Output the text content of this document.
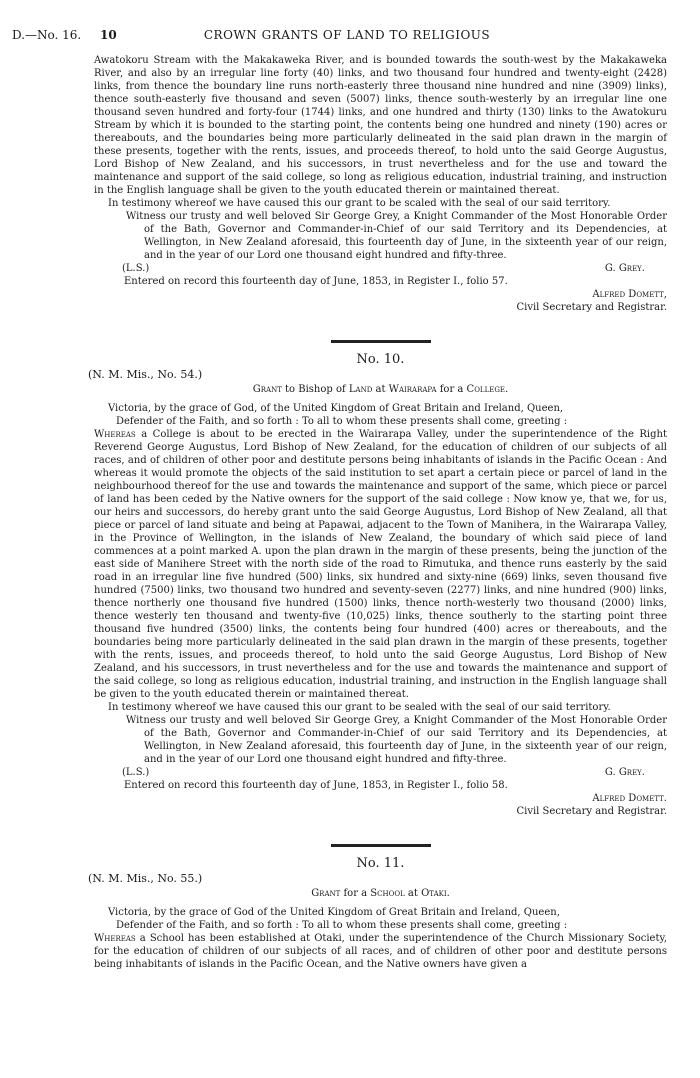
D.—No. 16. 10	CROWN GRANTS OF LAND TO RELIGIOUS

Awatokoru Stream with the Makakaweka River, and is bounded towards the south-west by the Makakaweka River, and also by an irregular line forty (40) links, and two thousand four hundred and twenty-eight (2428) links, from thence the boundary line runs north-easterly three thousand nine hundred and nine (3909) links), thence south-easterly five thousand and seven (5007) links, thence south-westerly by an irregular line one thousand seven hundred and forty-four (1744) links, and one hundred and thirty (130) links to the Awatokuru Stream by which it is bounded to the starting point, the contents being one hundred and ninety (190) acres or thereabouts, and the boundaries being more particularly delineated in the said plan drawn in the margin of these presents, together with the rents, issues, and proceeds thereof, to hold unto the said George Augustus, Lord Bishop of New Zealand, and his successors, in trust nevertheless and for the use and toward the maintenance and support of the said college, so long as religious education, industrial training, and instruction in the English language shall be given to the youth educated therein or maintained thereat.

In testimony whereof we have caused this our grant to be scaled with the seal of our said territory.

Witness our trusty and well beloved Sir George Grey, a Knight Commander of the Most Honorable Order of the Bath, Governor and Commander-in-Chief of our said Territory and its Dependencies, at Wellington, in New Zealand aforesaid, this fourteenth day of June, in the sixteenth year of our reign, and in the year of our Lord one thousand eight hundred and fifty-three.

(L.S.)	G. Grey.

Entered on record this fourteenth day of June, 1853, in Register I., folio 57.

Alfred Domett,

Civil Secretary and Registrar.

No. 10.

(N. M. Mis., No. 54.)

Grant to Bishop of Land at Wairarapa for a College.

Victoria, by the grace of God, of the United Kingdom of Great Britain and Ireland, Queen,

Defender of the Faith, and so forth : To all to whom these presents shall come, greeting :

Whereas a College is about to be erected in the Wairarapa Valley, under the superintendence of the Right Reverend George Augustus, Lord Bishop of New Zealand, for the education of children of our subjects of all races, and of children of other poor and destitute persons being inhabitants of islands in the Pacific Ocean : And whereas it would promote the objects of the said institution to set apart a certain piece or parcel of land in the neighbourhood thereof for the use and towards the maintenance and support of the same, which piece or parcel of land has been ceded by the Native owners for the support of the said college : Now know ye, that we, for us, our heirs and successors, do hereby grant unto the said George Augustus, Lord Bishop of New Zealand, all that piece or parcel of land situate and being at Papawai, adjacent to the Town of Manihera, in the Wairarapa Valley, in the Province of Wellington, in the islands of New Zealand, the boundary of which said piece of land commences at a point marked A. upon the plan drawn in the margin of these presents, being the junction of the east side of Manihere Street with the north side of the road to Rimutuka, and thence runs easterly by the said road in an irregular line five hundred (500) links, six hundred and sixty-nine (669) links, seven thousand five hundred (7500) links, two thousand two hundred and seventy-seven (2277) links, and nine hundred (900) links, thence northerly one thousand five hundred (1500) links, thence north-westerly two thousand (2000) links, thence westerly ten thousand and twenty-five (10,025) links, thence southerly to the starting point three thousand five hundred (3500) links, the contents being four hundred (400) acres or thereabouts, and the boundaries being more particularly delineated in the said plan drawn in the margin of these presents, together with the rents, issues, and proceeds thereof, to hold unto the said George Augustus, Lord Bishop of New Zealand, and his successors, in trust nevertheless and for the use and towards the maintenance and support of the said college, so long as religious education, industrial training, and instruction in the English language shall be given to the youth educated therein or maintained thereat.

In testimony whereof we have caused this our grant to be sealed with the seal of our said territory.

Witness our trusty and well beloved Sir George Grey, a Knight Commander of the Most Honorable Order of the Bath, Governor and Commander-in-Chief of our said Territory and its Dependencies, at Wellington, in New Zealand aforesaid, this fourteenth day of June, in the sixteenth year of our reign, and in the year of our Lord one thousand eight hundred and fifty-three.

(L.S.)	G. Grey.

Entered on record this fourteenth day of June, 1853, in Register I., folio 58.

Alfred Domett.

Civil Secretary and Registrar.

No. 11.

(N. M. Mis., No. 55.)

Grant for a School at Otaki.

Victoria, by the grace of God of the United Kingdom of Great Britain and Ireland, Queen,

Defender of the Faith, and so forth : To all to whom these presents shall come, greeting :

Whereas a School has been established at Otaki, under the superintendence of the Church Missionary Society, for the education of children of our subjects of all races, and of children of other poor and destitute persons being inhabitants of islands in the Pacific Ocean, and the Native owners have given a
